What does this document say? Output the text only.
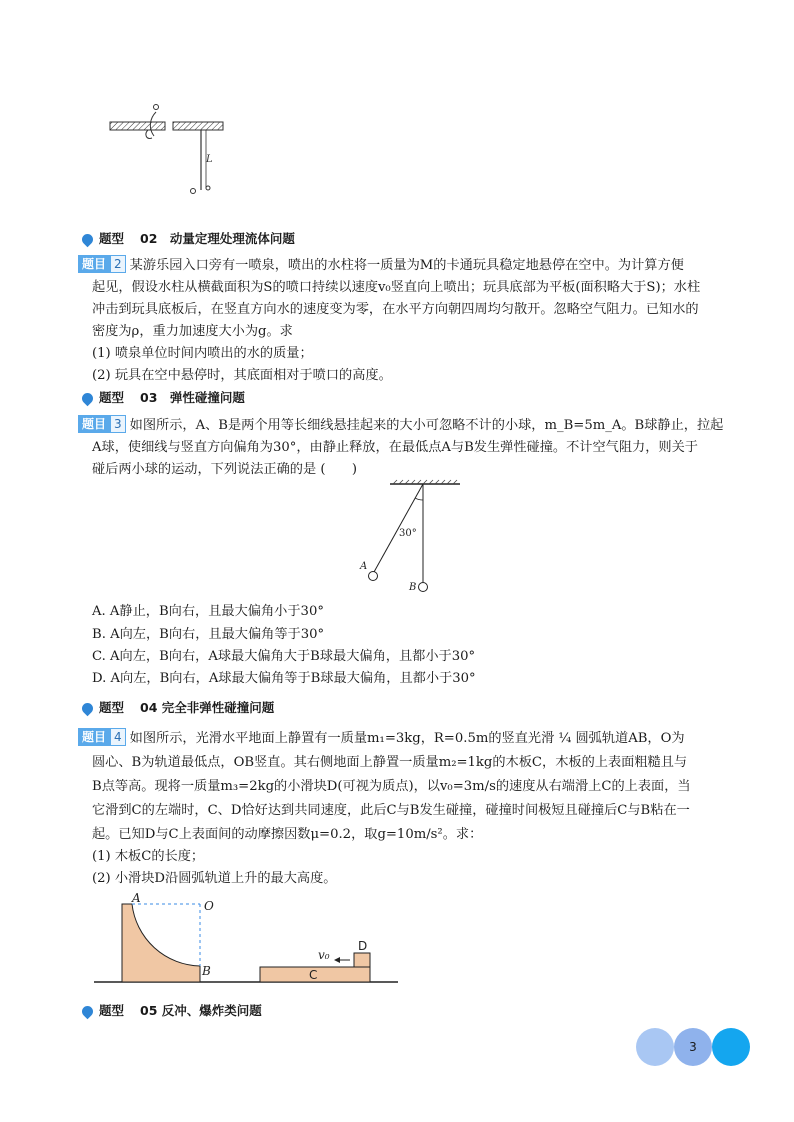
L
题型 02　动量定理处理流体问题
题目 2 某游乐园入口旁有一喷泉，喷出的水柱将一质量为M的卡通玩具稳定地悬停在空中。为计算方便
起见，假设水柱从横截面积为S的喷口持续以速度v₀竖直向上喷出；玩具底部为平板(面积略大于S)；水柱
冲击到玩具底板后，在竖直方向水的速度变为零，在水平方向朝四周均匀散开。忽略空气阻力。已知水的
密度为ρ，重力加速度大小为g。求
(1) 喷泉单位时间内喷出的水的质量；
(2) 玩具在空中悬停时，其底面相对于喷口的高度。
题型 03　弹性碰撞问题
题目 3 如图所示，A、B是两个用等长细线悬挂起来的大小可忽略不计的小球，m_B=5m_A。B球静止，拉起
A球，使细线与竖直方向偏角为30°，由静止释放，在最低点A与B发生弹性碰撞。不计空气阻力，则关于
碰后两小球的运动，下列说法正确的是 (　　)
30°
A
B
A. A静止，B向右，且最大偏角小于30°
B. A向左，B向右，且最大偏角等于30°
C. A向左，B向右，A球最大偏角大于B球最大偏角，且都小于30°
D. A向左，B向右，A球最大偏角等于B球最大偏角，且都小于30°
题型 04 完全非弹性碰撞问题
题目 4 如图所示，光滑水平地面上静置有一质量m₁=3kg，R=0.5m的竖直光滑 ¼ 圆弧轨道AB，O为
圆心、B为轨道最低点，OB竖直。其右侧地面上静置一质量m₂=1kg的木板C，木板的上表面粗糙且与
B点等高。现将一质量m₃=2kg的小滑块D(可视为质点)，以v₀=3m/s的速度从右端滑上C的上表面，当
它滑到C的左端时，C、D恰好达到共同速度，此后C与B发生碰撞，碰撞时间极短且碰撞后C与B粘在一
起。已知D与C上表面间的动摩擦因数μ=0.2，取g=10m/s²。求：
(1) 木板C的长度；
(2) 小滑块D沿圆弧轨道上升的最大高度。
A
O
B	C
D
v₀
题型 05 反冲、爆炸类问题
3
